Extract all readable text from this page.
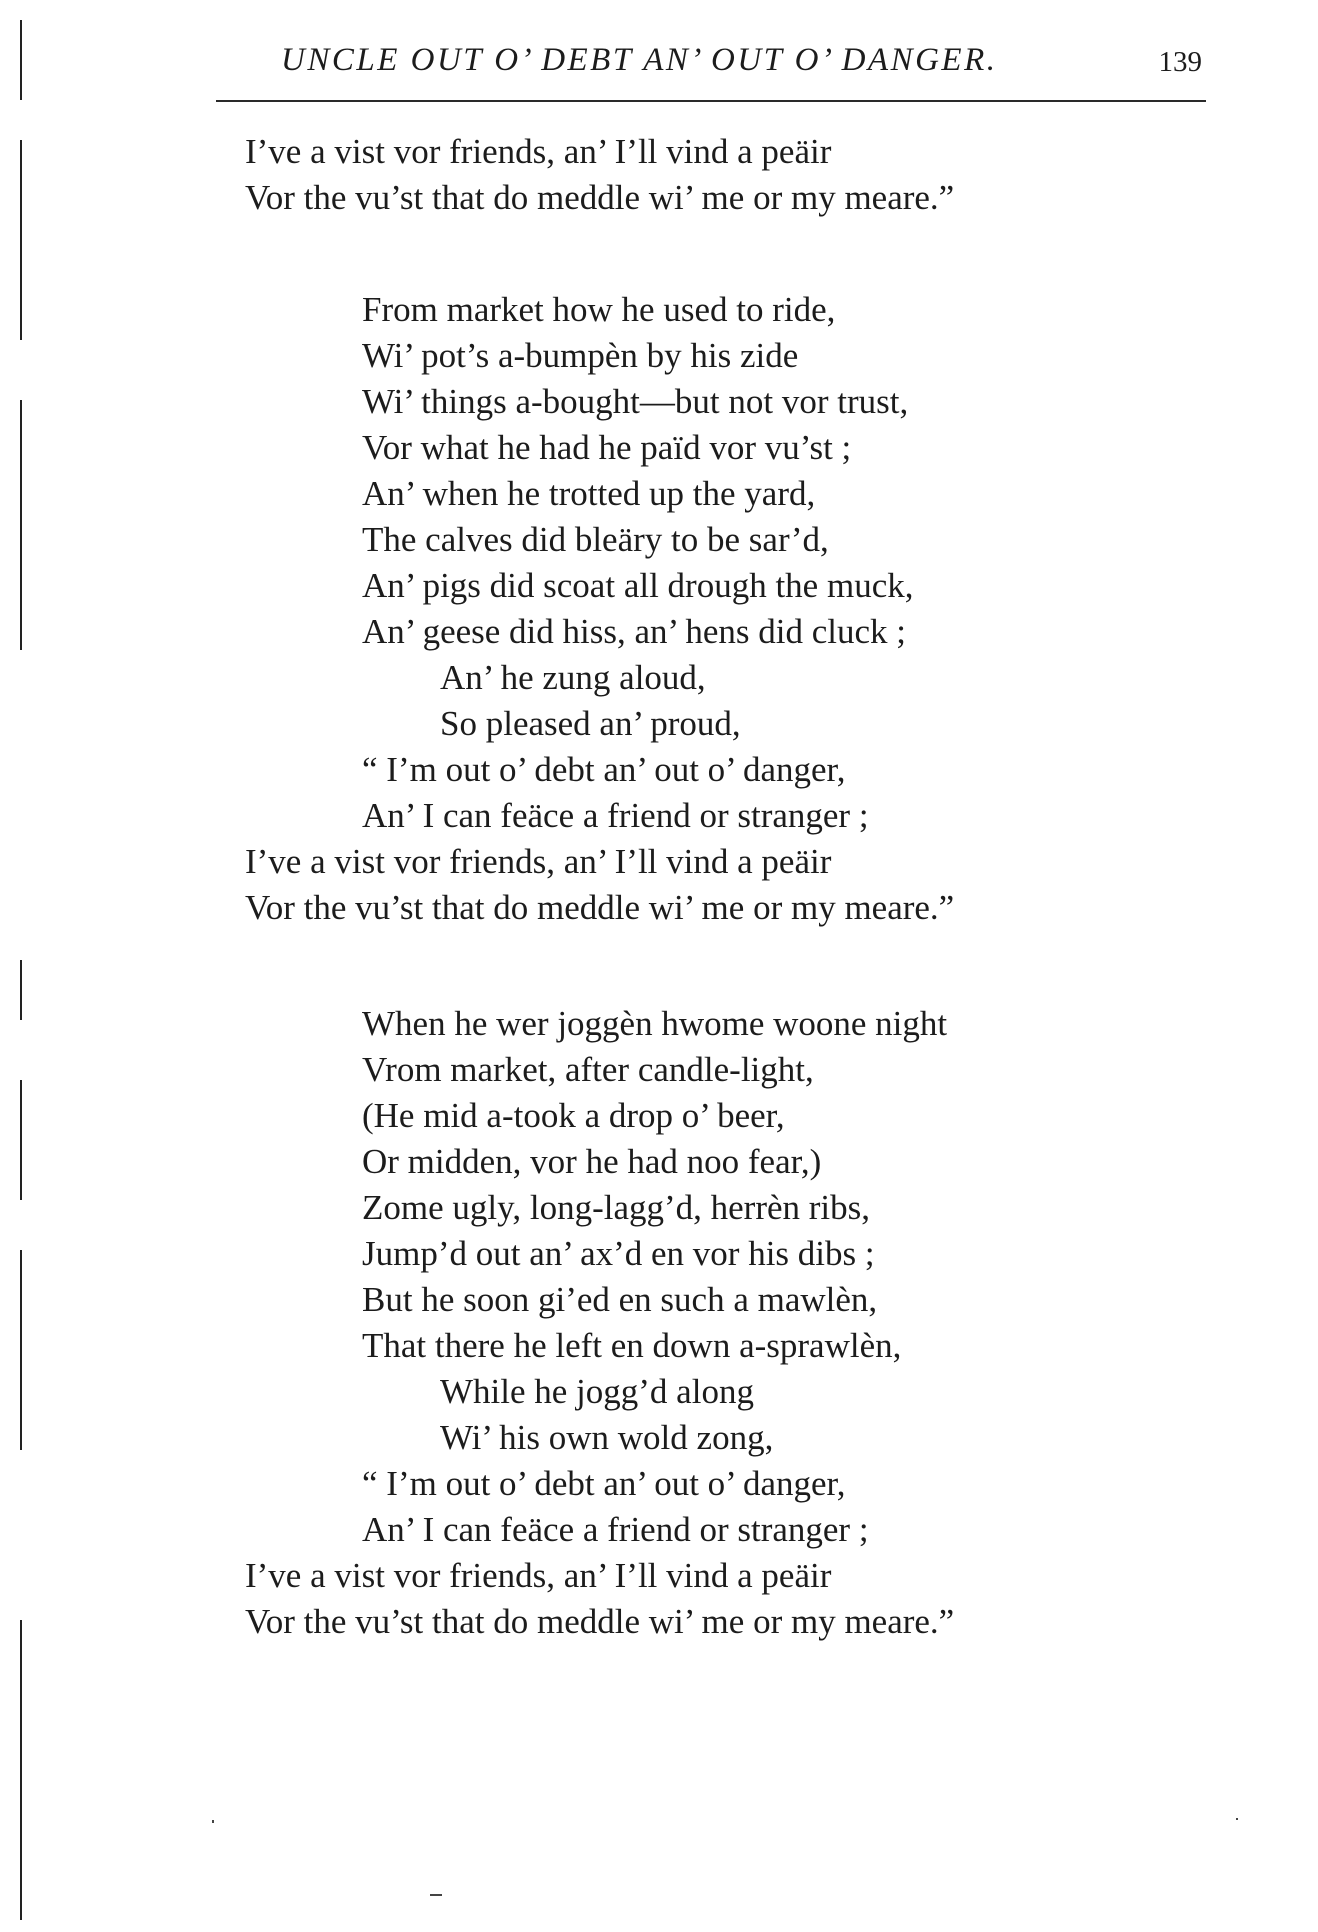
UNCLE OUT O’ DEBT AN’ OUT O’ DANGER.	139
I’ve a vist vor friends, an’ I’ll vind a peäir
Vor the vu’st that do meddle wi’ me or my meare.”
From market how he used to ride,
Wi’ pot’s a-bumpèn by his zide
Wi’ things a-bought—but not vor trust,
Vor what he had he païd vor vu’st ;
An’ when he trotted up the yard,
The calves did bleäry to be sar’d,
An’ pigs did scoat all drough the muck,
An’ geese did hiss, an’ hens did cluck ;
An’ he zung aloud,
So pleased an’ proud,
“ I’m out o’ debt an’ out o’ danger,
An’ I can feäce a friend or stranger ;
I’ve a vist vor friends, an’ I’ll vind a peäir
Vor the vu’st that do meddle wi’ me or my meare.”
When he wer joggèn hwome woone night
Vrom market, after candle-light,
(He mid a-took a drop o’ beer,
Or midden, vor he had noo fear,)
Zome ugly, long-lagg’d, herrèn ribs,
Jump’d out an’ ax’d en vor his dibs ;
But he soon gi’ed en such a mawlèn,
That there he left en down a-sprawlèn,
While he jogg’d along
Wi’ his own wold zong,
“ I’m out o’ debt an’ out o’ danger,
An’ I can feäce a friend or stranger ;
I’ve a vist vor friends, an’ I’ll vind a peäir
Vor the vu’st that do meddle wi’ me or my meare.”
